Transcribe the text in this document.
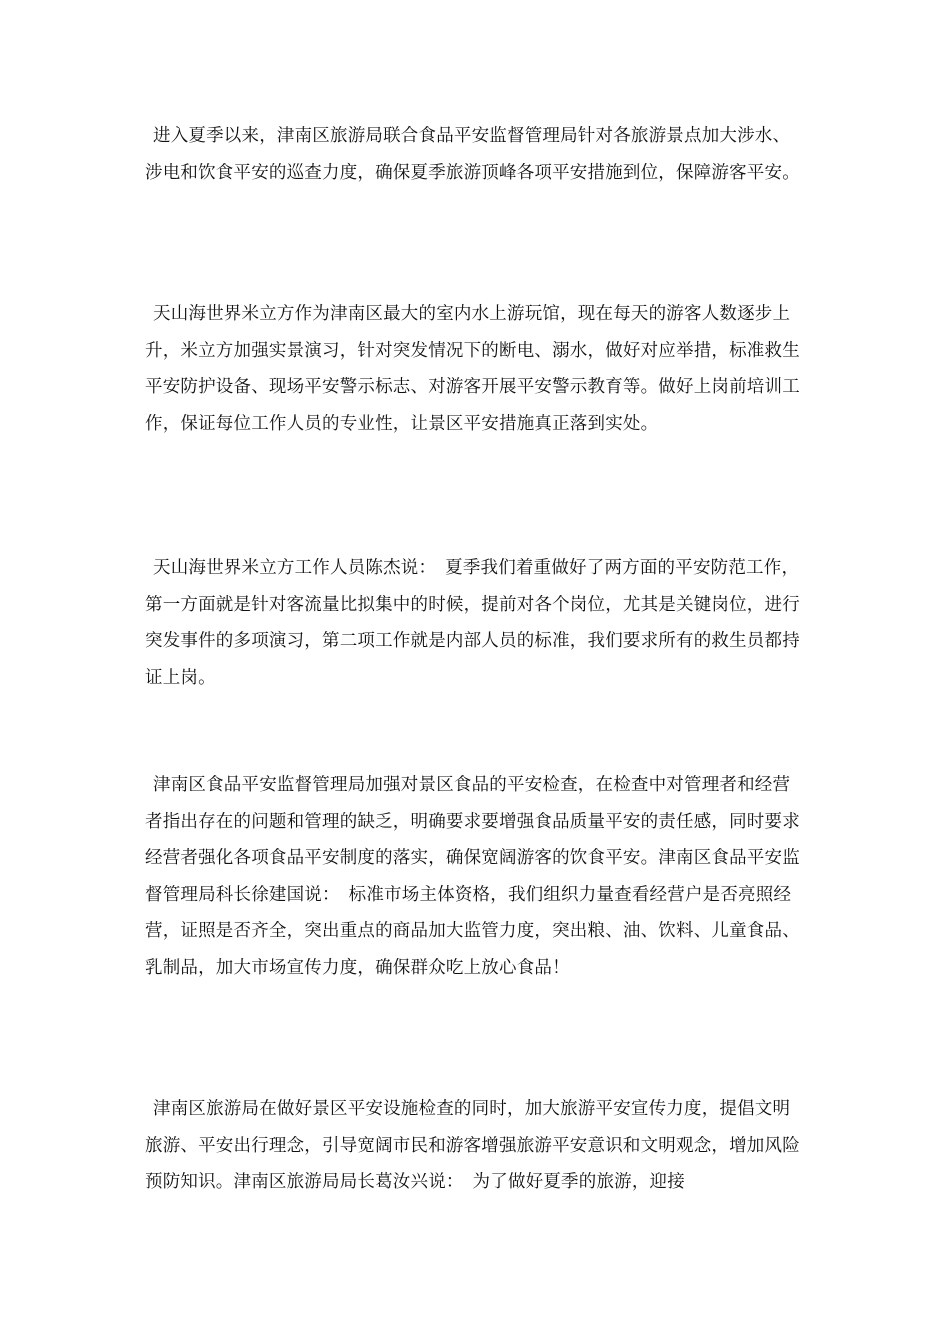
进入夏季以来，津南区旅游局联合食品平安监督管理局针对各旅游景点加大涉水、涉电和饮食平安的巡查力度，确保夏季旅游顶峰各项平安措施到位，保障游客平安。

天山海世界米立方作为津南区最大的室内水上游玩馆，现在每天的游客人数逐步上升，米立方加强实景演习，针对突发情况下的断电、溺水，做好对应举措，标准救生平安防护设备、现场平安警示标志、对游客开展平安警示教育等。做好上岗前培训工作，保证每位工作人员的专业性，让景区平安措施真正落到实处。

天山海世界米立方工作人员陈杰说：　夏季我们着重做好了两方面的平安防范工作，第一方面就是针对客流量比拟集中的时候，提前对各个岗位，尤其是关键岗位，进行突发事件的多项演习，第二项工作就是内部人员的标准，我们要求所有的救生员都持证上岗。

津南区食品平安监督管理局加强对景区食品的平安检查，在检查中对管理者和经营者指出存在的问题和管理的缺乏，明确要求要增强食品质量平安的责任感，同时要求经营者强化各项食品平安制度的落实，确保宽阔游客的饮食平安。津南区食品平安监督管理局科长徐建国说：　标准市场主体资格，我们组织力量查看经营户是否亮照经营，证照是否齐全，突出重点的商品加大监管力度，突出粮、油、饮料、儿童食品、乳制品，加大市场宣传力度，确保群众吃上放心食品！

津南区旅游局在做好景区平安设施检查的同时，加大旅游平安宣传力度，提倡文明旅游、平安出行理念，引导宽阔市民和游客增强旅游平安意识和文明观念，增加风险预防知识。津南区旅游局局长葛汝兴说：　为了做好夏季的旅游，迎接
